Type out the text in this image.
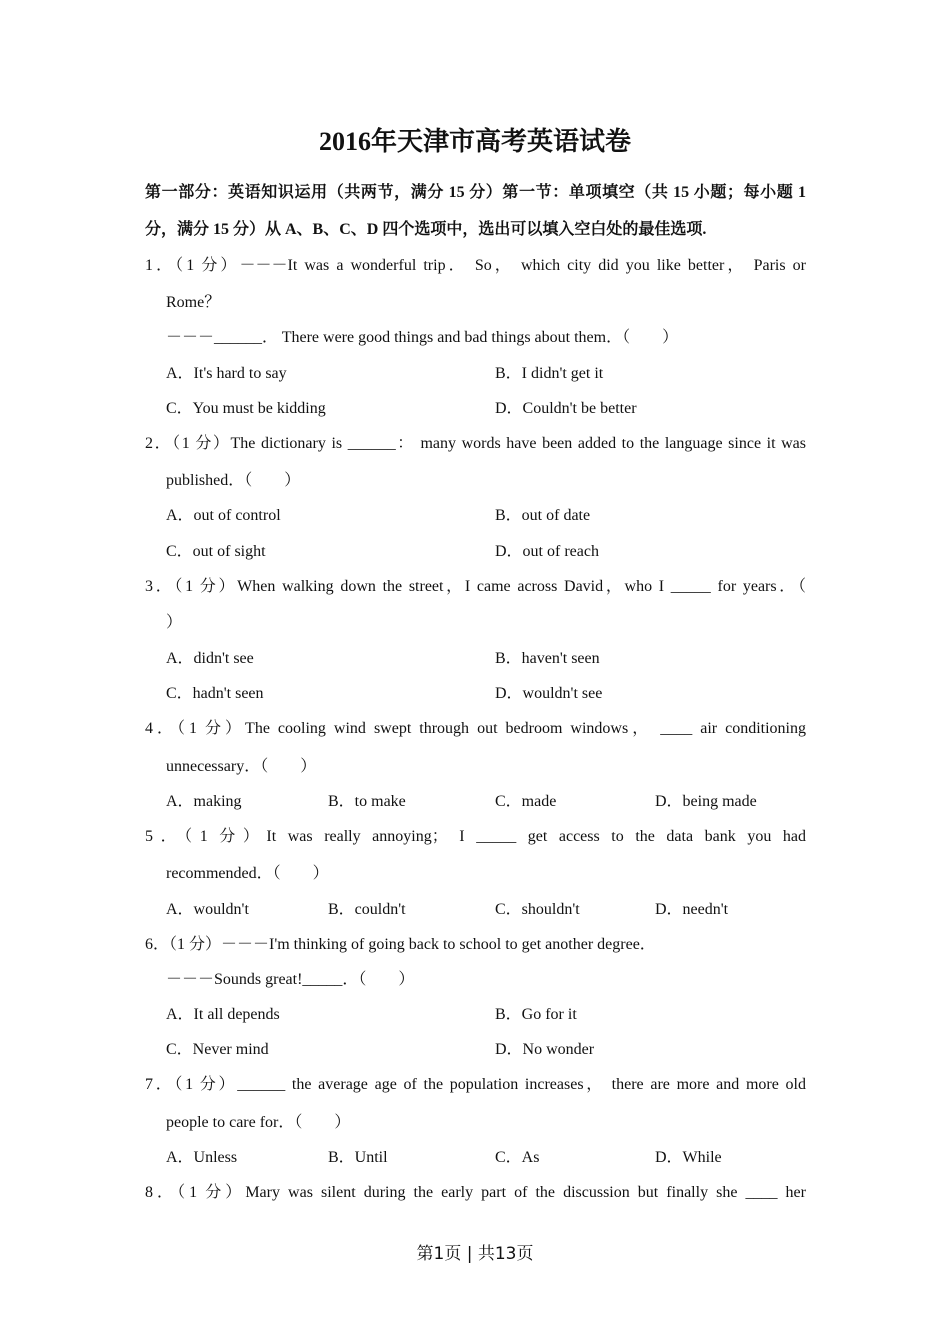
2016年天津市高考英语试卷
第一部分：英语知识运用（共两节，满分 15 分）第一节：单项填空（共 15 小题；每小题 1
分，满分 15 分）从 A、B、C、D 四个选项中，选出可以填入空白处的最佳选项.
1．（1 分）－－－It was a wonderful trip． So， which city did you like better， Paris or
Rome？
－－－______． There were good things and bad things about them．（　　）
A．It's hard to say	B．I didn't get it
C．You must be kidding	D．Couldn't be better
2．（1 分）The dictionary is ______： many words have been added to the language since it was
published．（　　）
A．out of control	B．out of date
C．out of sight	D．out of reach
3．（1 分）When walking down the street，I came across David，who I _____ for years．（
）
A．didn't see	B．haven't seen
C．hadn't seen	D．wouldn't see
4．（1 分）The cooling wind swept through out bedroom windows， ____ air conditioning
unnecessary．（　　）
A．making	B．to make	C．made	D．being made
5．（1 分）It was really annoying； I _____ get access to the data bank you had
recommended．（　　）
A．wouldn't	B．couldn't	C．shouldn't	D．needn't
6．（1 分）－－－I'm thinking of going back to school to get another degree．
－－－Sounds great!_____．（　　）
A．It all depends	B．Go for it
C．Never mind	D．No wonder
7．（1 分）______ the average age of the population increases， there are more and more old
people to care for．（　　）
A．Unless	B．Until	C．As	D．While
8．（1 分）Mary was silent during the early part of the discussion but finally she ____ her
第1页 | 共13页
